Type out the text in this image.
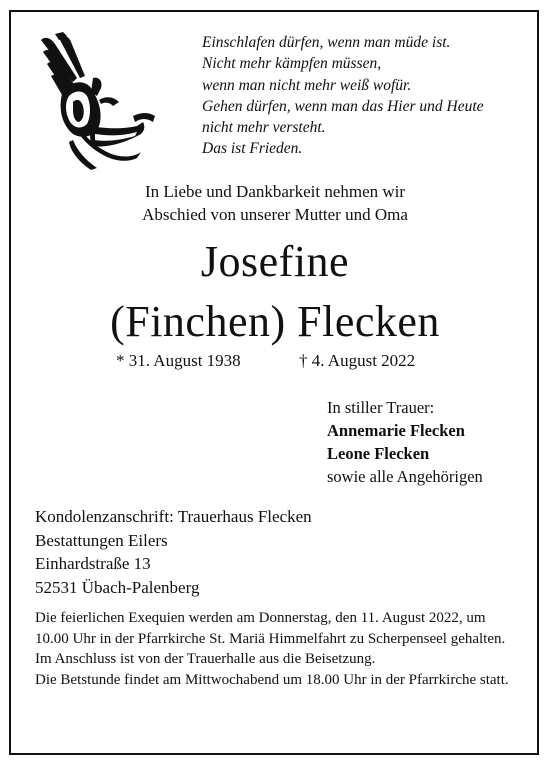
Einschlafen dürfen, wenn man müde ist.
Nicht mehr kämpfen müssen,
wenn man nicht mehr weiß wofür.
Gehen dürfen, wenn man das Hier und Heute
nicht mehr versteht.
Das ist Frieden.
In Liebe und Dankbarkeit nehmen wir
Abschied von unserer Mutter und Oma
Josefine
(Finchen) Flecken
* 31. August 1938	† 4. August 2022
In stiller Trauer:
Annemarie Flecken
Leone Flecken
sowie alle Angehörigen
Kondolenzanschrift: Trauerhaus Flecken
Bestattungen Eilers
Einhardstraße 13
52531 Übach-Palenberg

Die feierlichen Exequien werden am Donnerstag, den 11. August 2022, um 10.00 Uhr in der Pfarrkirche St. Mariä Himmelfahrt zu Scherpenseel gehalten. Im Anschluss ist von der Trauerhalle aus die Beisetzung.

Die Betstunde findet am Mittwochabend um 18.00 Uhr in der Pfarrkirche statt.
